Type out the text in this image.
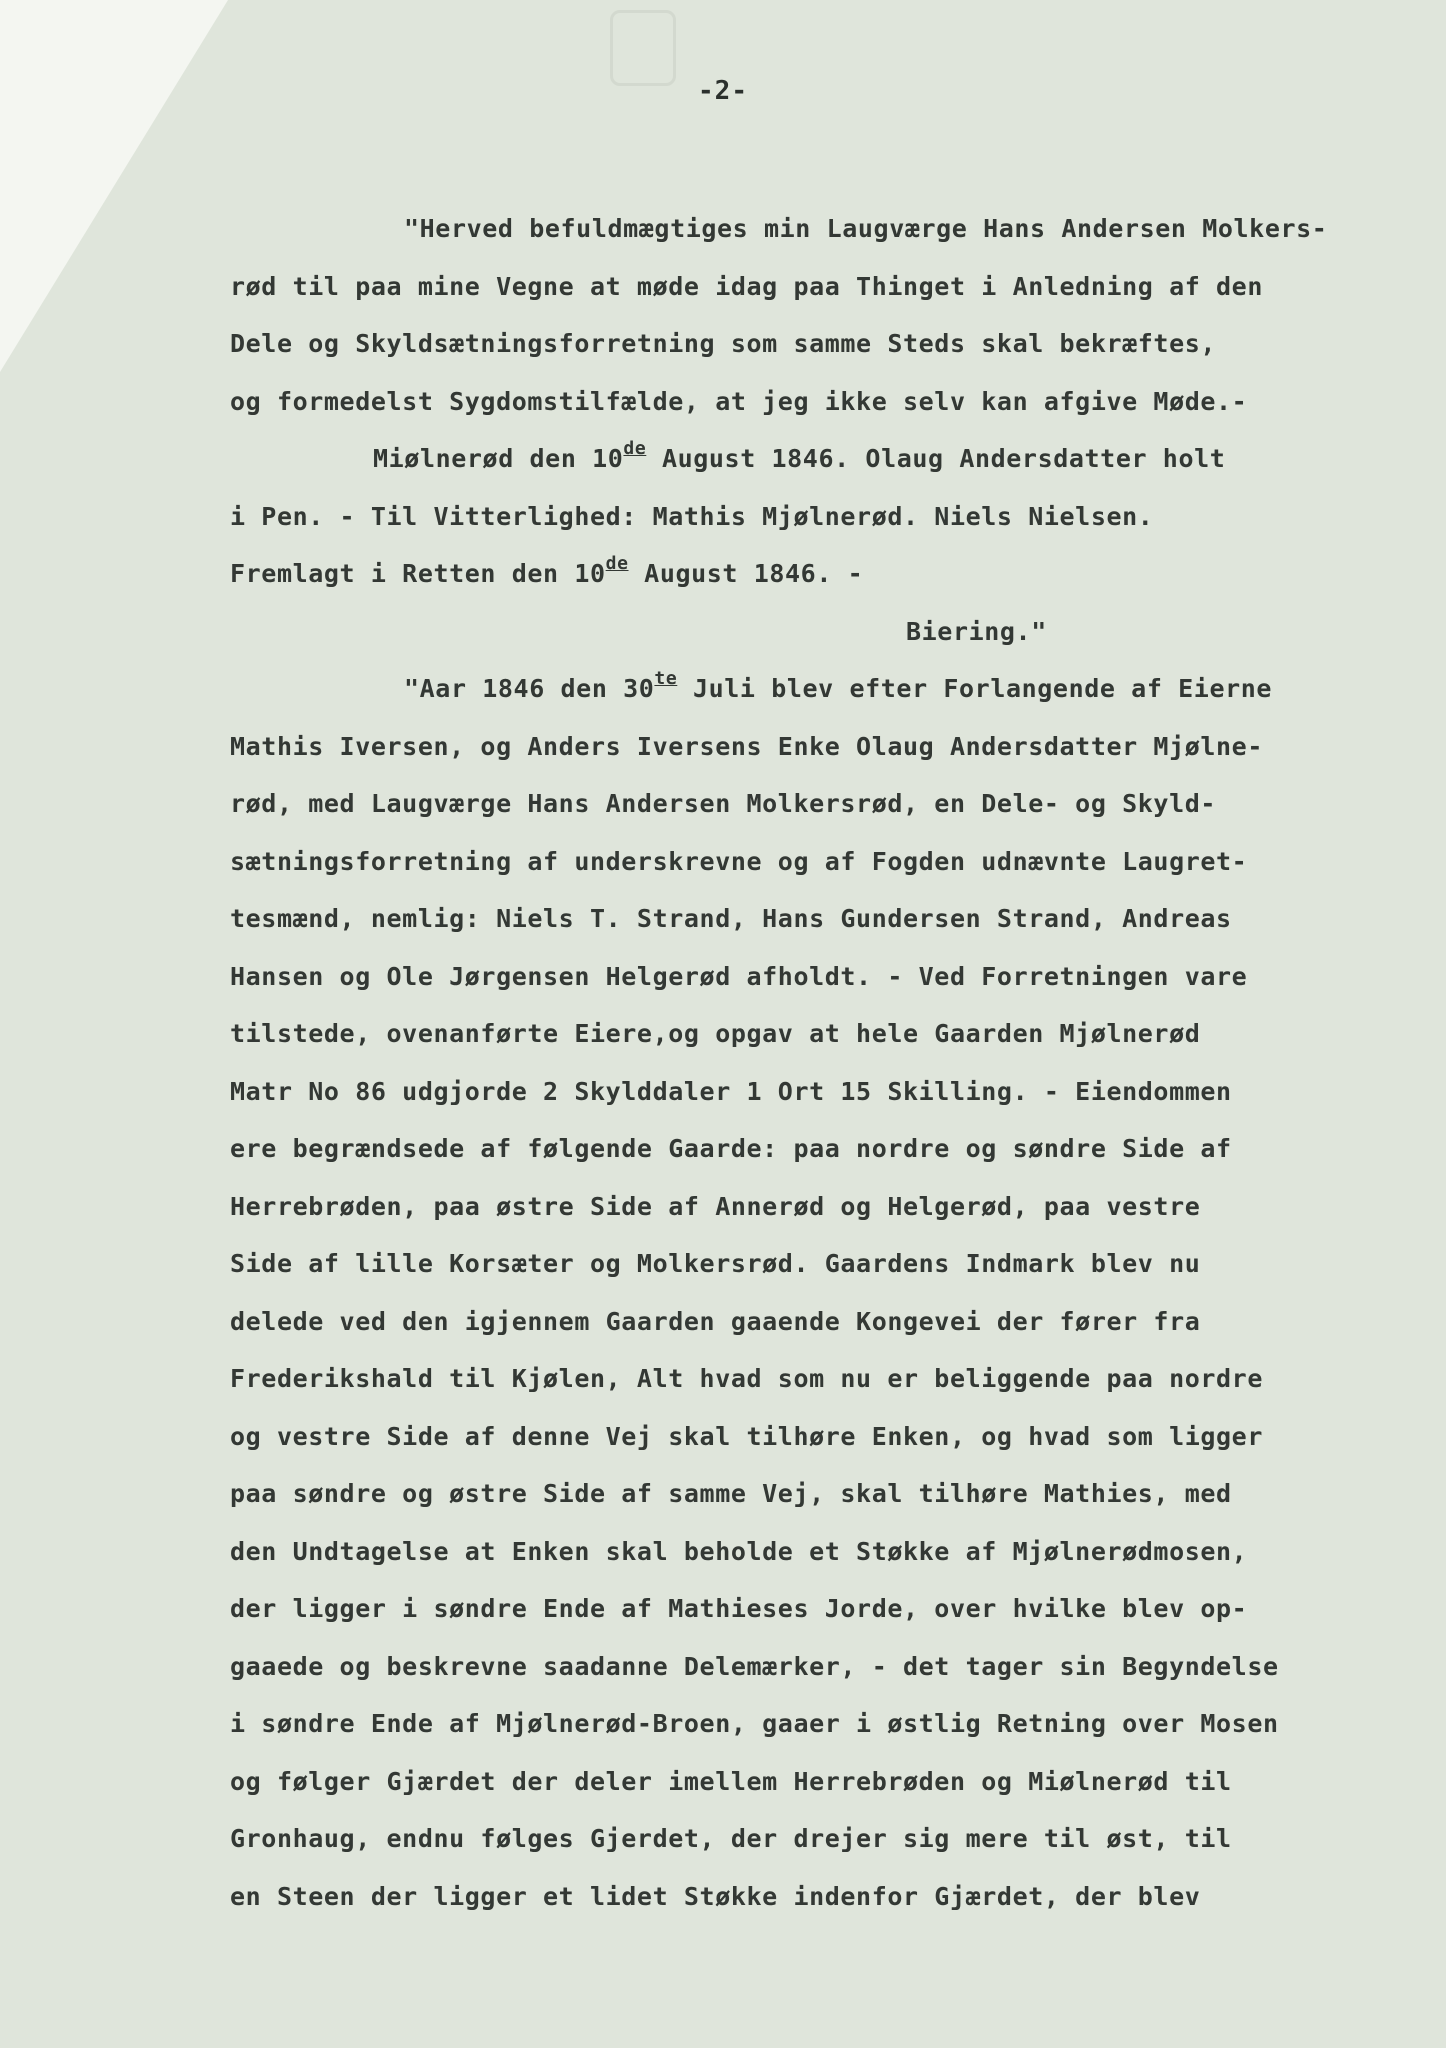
-2-
"Herved befuldmægtiges min Laugværge Hans Andersen Molkers-
rød til paa mine Vegne at møde idag paa Thinget i Anledning af den
Dele og Skyldsætningsforretning som samme Steds skal bekræftes,
og formedelst Sygdomstilfælde, at jeg ikke selv kan afgive Møde.-
Miølnerød den 10de August 1846. Olaug Andersdatter holt
i Pen. - Til Vitterlighed: Mathis Mjølnerød. Niels Nielsen.
Fremlagt i Retten den 10de August 1846. -
Biering."
"Aar 1846 den $30^{te}$ Juli blev efter Forlangende af Eierne
Mathis Iversen, og Anders Iversens Enke Olaug Andersdatter Mjølne-
rød, med Laugværge Hans Andersen Molkersrød, en Dele- og Skyld-
sætningsforretning af underskrevne og af Fogden udnævnte Laugret-
tesmænd, nemlig: Niels T. Strand, Hans Gundersen Strand, Andreas
Hansen og Ole Jørgensen Helgerød afholdt. - Ved Forretningen vare
tilstede, ovenanførte Eiere,og opgav at hele Gaarden Mjølnerød
Matr No 86 udgjorde 2 Skylddaler 1 Ort 15 Skilling. - Eiendommen
ere begrændsede af følgende Gaarde: paa nordre og søndre Side af
Herrebrøden, paa østre Side af Annerød og Helgerød, paa vestre
Side af lille Korsæter og Molkersrød. Gaardens Indmark blev nu
delede ved den igjennem Gaarden gaaende Kongevei der fører fra
Frederikshald til Kjølen, Alt hvad som nu er beliggende paa nordre
og vestre Side af denne Vej skal tilhøre Enken, og hvad som ligger
paa søndre og østre Side af samme Vej, skal tilhøre Mathies, med
den Undtagelse at Enken skal beholde et Støkke af Mjølnerødmosen,
der ligger i søndre Ende af Mathieses Jorde, over hvilke blev op-
gaaede og beskrevne saadanne Delemærker, - det tager sin Begyndelse
i søndre Ende af Mjølnerød-Broen, gaaer i østlig Retning over Mosen
og følger Gjærdet der deler imellem Herrebrøden og Miølnerød til
Gronhaug, endnu følges Gjerdet, der drejer sig mere til øst, til
en Steen der ligger et lidet Støkke indenfor Gjærdet, der blev
